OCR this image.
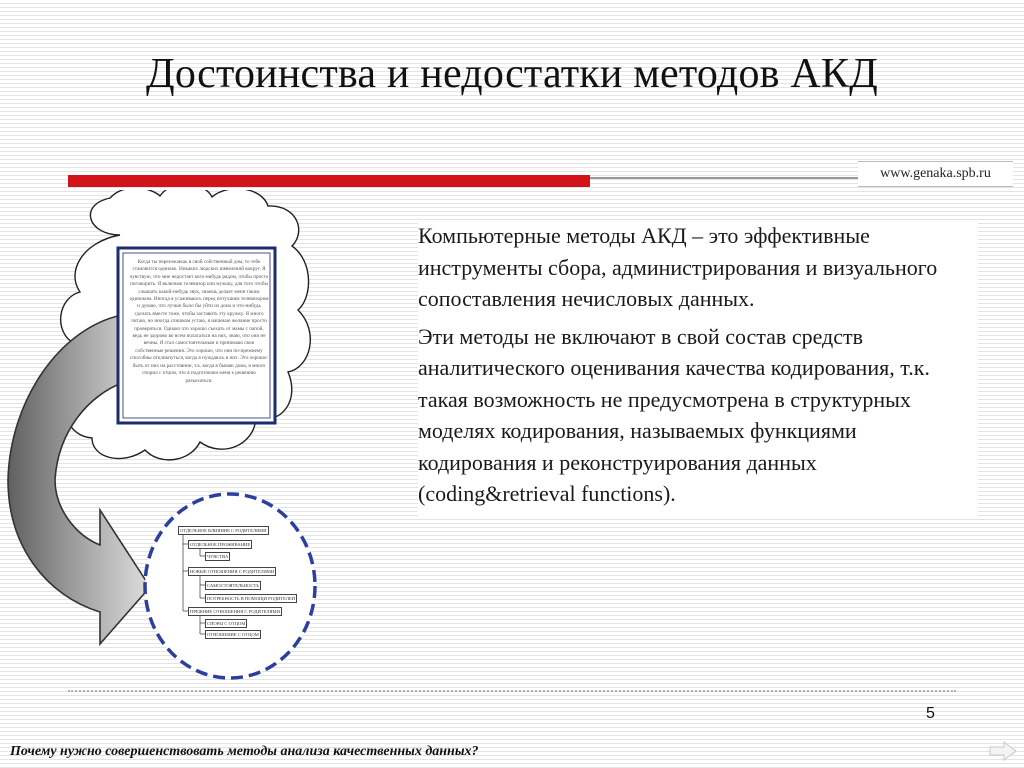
Достоинства и недостатки методов АКД
www.genaka.spb.ru

Компьютерные методы АКД – это эффективные инструменты сбора, администрирования и визуального сопоставления нечисловых данных.

Эти методы не включают в свой состав средств аналитического оценивания качества кодирования, т.к. такая возможность не предусмотрена в структурных моделях кодирования, называемых функциями кодирования и реконструирования данных (coding&retrieval functions).

Когда ты переезжаешь в свой собственный дом, то тебе становится одиноко. Никаких людских шевелений вокруг. Я чувствую, что мне недостает кого-нибудь рядом, чтобы просто поговорить. Я включаю телевизор или музыку, для того чтобы слышать какой-нибудь звук, знаешь делает меня таким одиноким. Иногда я усаживаюсь перед потухшим телевизором и думаю, что лучше было бы уйти из дома и что-нибудь сделать вместе тоже, чтобы заставить эту кружку. Я много читаю, но иногда слишком устаю, я начинаю желание просто проверяться. Однако что хорошо съехать от мамы с папой, ведь не здорово во всем полагаться на них, знаю, что они не вечны. Я стал самостоятельным и принимаю свои собственные решения. Это хорошо, что они по-прежнему способны откликнуться, когда я нуждаюсь в них. Это хорошо: быть от них на расстоянии, т.к. когда я бываю дома, я много спорил с отцом, что я подготовлен меня к решению разъехаться.
ОТДЕЛЬНОЕ ВЛИЯНИЕ С РОДИТЕЛЯМИ
ОТДЕЛЬНОЕ ПРОЖИВАНИЕ
ЧУВСТВА
НОВЫЕ ОТНОШЕНИЯ С РОДИТЕЛЯМИ
САМОСТОЯТЕЛЬНОСТЬ
ПОТРЕБНОСТЬ В ПОМОЩИ РОДИТЕЛЕЙ
ПРЕЖНИЕ ОТНОШЕНИЯ С РОДИТЕЛЯМИ
СПОРЫ С ОТЦОМ
ОТНОШЕНИЕ С ОТЦОМ
5
Почему нужно совершенствовать методы анализа качественных данных?
